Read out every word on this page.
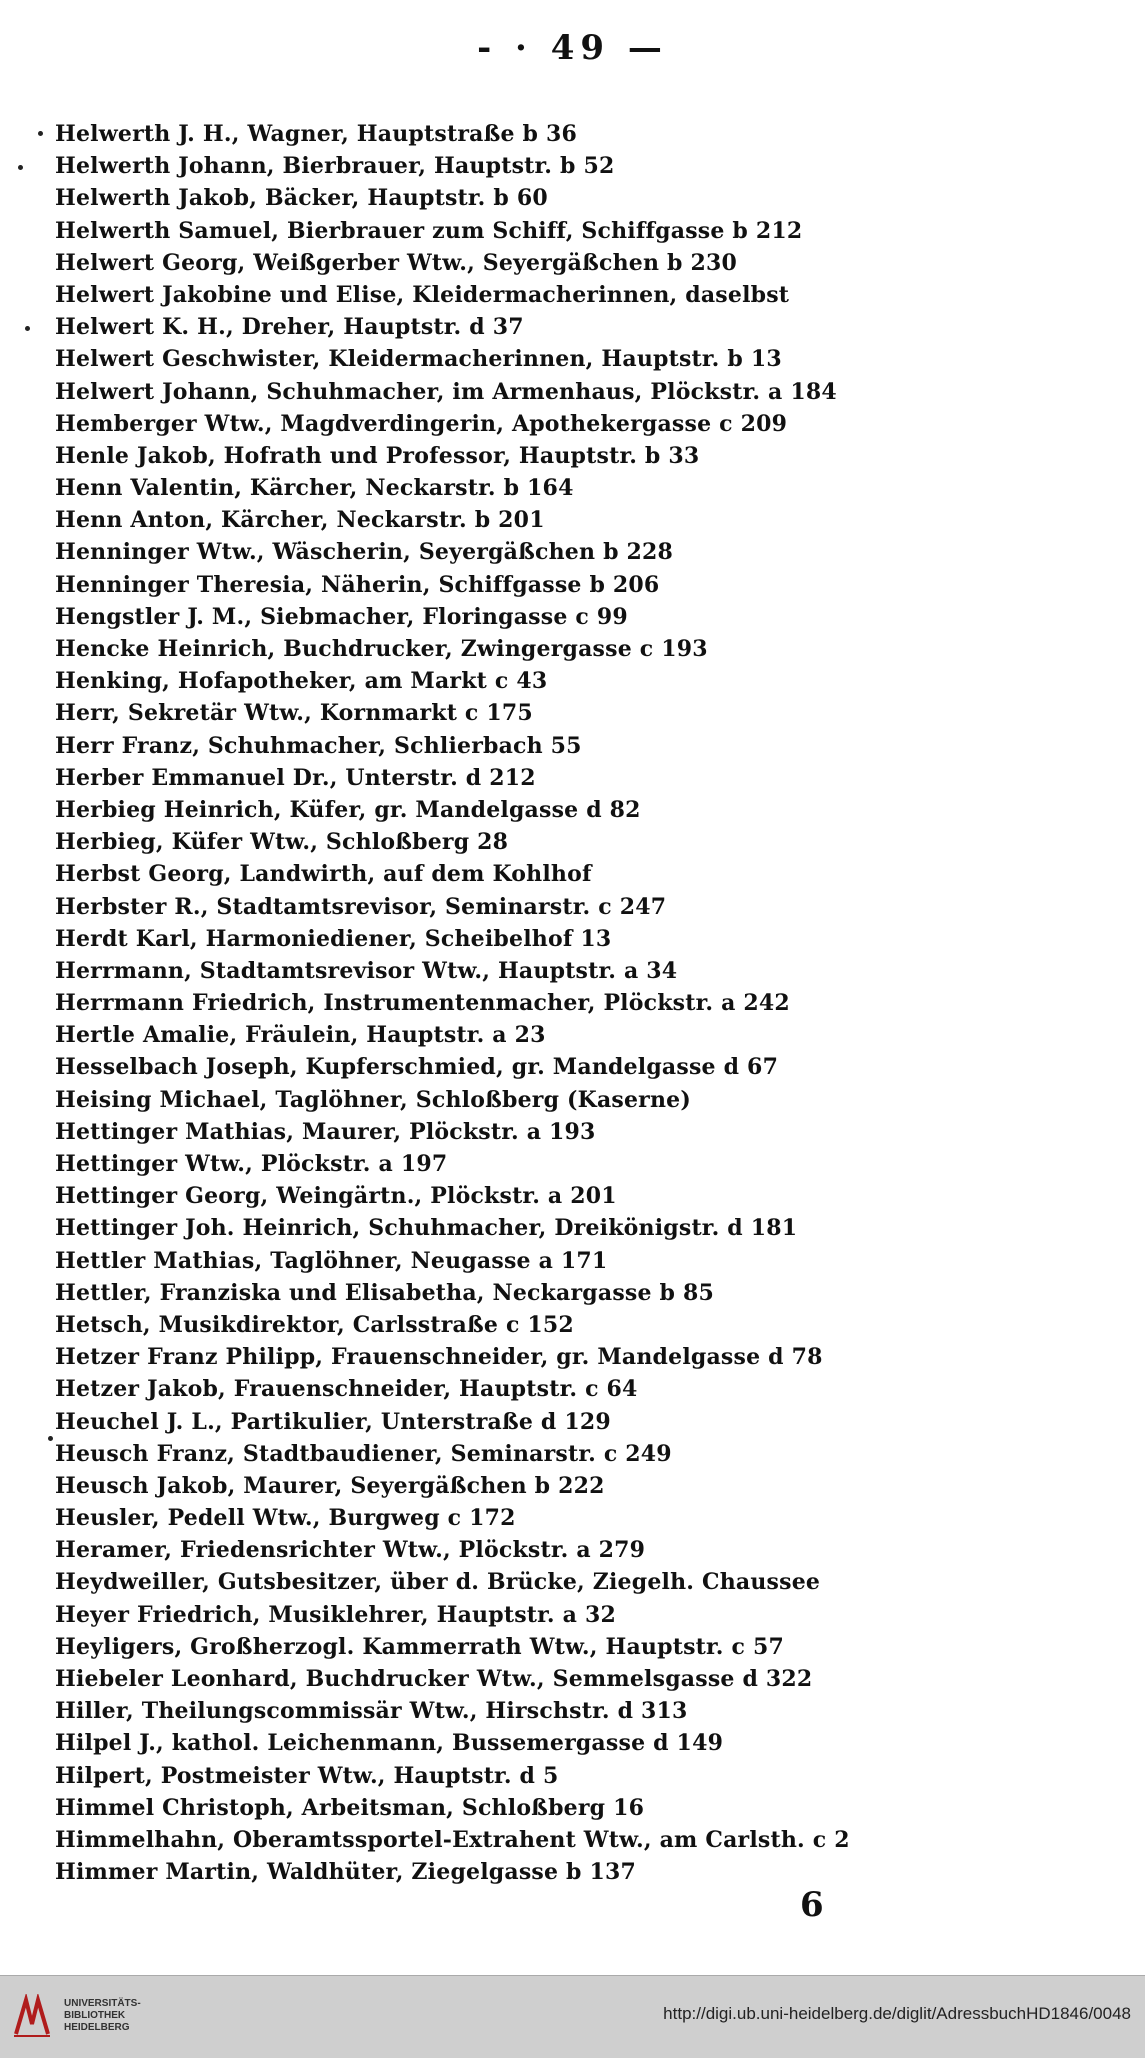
- · 49 —
Helwerth J. H., Wagner, Hauptstraße b 36
Helwerth Johann, Bierbrauer, Hauptstr. b 52
Helwerth Jakob, Bäcker, Hauptstr. b 60
Helwerth Samuel, Bierbrauer zum Schiff, Schiffgasse b 212
Helwert Georg, Weißgerber Wtw., Seyergäßchen b 230
Helwert Jakobine und Elise, Kleidermacherinnen, daselbst
Helwert K. H., Dreher, Hauptstr. d 37
Helwert Geschwister, Kleidermacherinnen, Hauptstr. b 13
Helwert Johann, Schuhmacher, im Armenhaus, Plöckstr. a 184
Hemberger Wtw., Magdverdingerin, Apothekergasse c 209
Henle Jakob, Hofrath und Professor, Hauptstr. b 33
Henn Valentin, Kärcher, Neckarstr. b 164
Henn Anton, Kärcher, Neckarstr. b 201
Henninger Wtw., Wäscherin, Seyergäßchen b 228
Henninger Theresia, Näherin, Schiffgasse b 206
Hengstler J. M., Siebmacher, Floringasse c 99
Hencke Heinrich, Buchdrucker, Zwingergasse c 193
Henking, Hofapotheker, am Markt c 43
Herr, Sekretär Wtw., Kornmarkt c 175
Herr Franz, Schuhmacher, Schlierbach 55
Herber Emmanuel Dr., Unterstr. d 212
Herbieg Heinrich, Küfer, gr. Mandelgasse d 82
Herbieg, Küfer Wtw., Schloßberg 28
Herbst Georg, Landwirth, auf dem Kohlhof
Herbster R., Stadtamtsrevisor, Seminarstr. c 247
Herdt Karl, Harmoniediener, Scheibelhof 13
Herrmann, Stadtamtsrevisor Wtw., Hauptstr. a 34
Herrmann Friedrich, Instrumentenmacher, Plöckstr. a 242
Hertle Amalie, Fräulein, Hauptstr. a 23
Hesselbach Joseph, Kupferschmied, gr. Mandelgasse d 67
Heising Michael, Taglöhner, Schloßberg (Kaserne)
Hettinger Mathias, Maurer, Plöckstr. a 193
Hettinger Wtw., Plöckstr. a 197
Hettinger Georg, Weingärtn., Plöckstr. a 201
Hettinger Joh. Heinrich, Schuhmacher, Dreikönigstr. d 181
Hettler Mathias, Taglöhner, Neugasse a 171
Hettler, Franziska und Elisabetha, Neckargasse b 85
Hetsch, Musikdirektor, Carlsstraße c 152
Hetzer Franz Philipp, Frauenschneider, gr. Mandelgasse d 78
Hetzer Jakob, Frauenschneider, Hauptstr. c 64
Heuchel J. L., Partikulier, Unterstraße d 129
Heusch Franz, Stadtbaudiener, Seminarstr. c 249
Heusch Jakob, Maurer, Seyergäßchen b 222
Heusler, Pedell Wtw., Burgweg c 172
Heramer, Friedensrichter Wtw., Plöckstr. a 279
Heydweiller, Gutsbesitzer, über d. Brücke, Ziegelh. Chaussee
Heyer Friedrich, Musiklehrer, Hauptstr. a 32
Heyligers, Großherzogl. Kammerrath Wtw., Hauptstr. c 57
Hiebeler Leonhard, Buchdrucker Wtw., Semmelsgasse d 322
Hiller, Theilungscommissär Wtw., Hirschstr. d 313
Hilpel J., kathol. Leichenmann, Bussemergasse d 149
Hilpert, Postmeister Wtw., Hauptstr. d 5
Himmel Christoph, Arbeitsman, Schloßberg 16
Himmelhahn, Oberamtssportel-Extrahent Wtw., am Carlsth. c 2
Himmer Martin, Waldhüter, Ziegelgasse b 137
6
UNIVERSITÄTS-
BIBLIOTHEK
HEIDELBERG
http://digi.ub.uni-heidelberg.de/diglit/AdressbuchHD1846/0048
